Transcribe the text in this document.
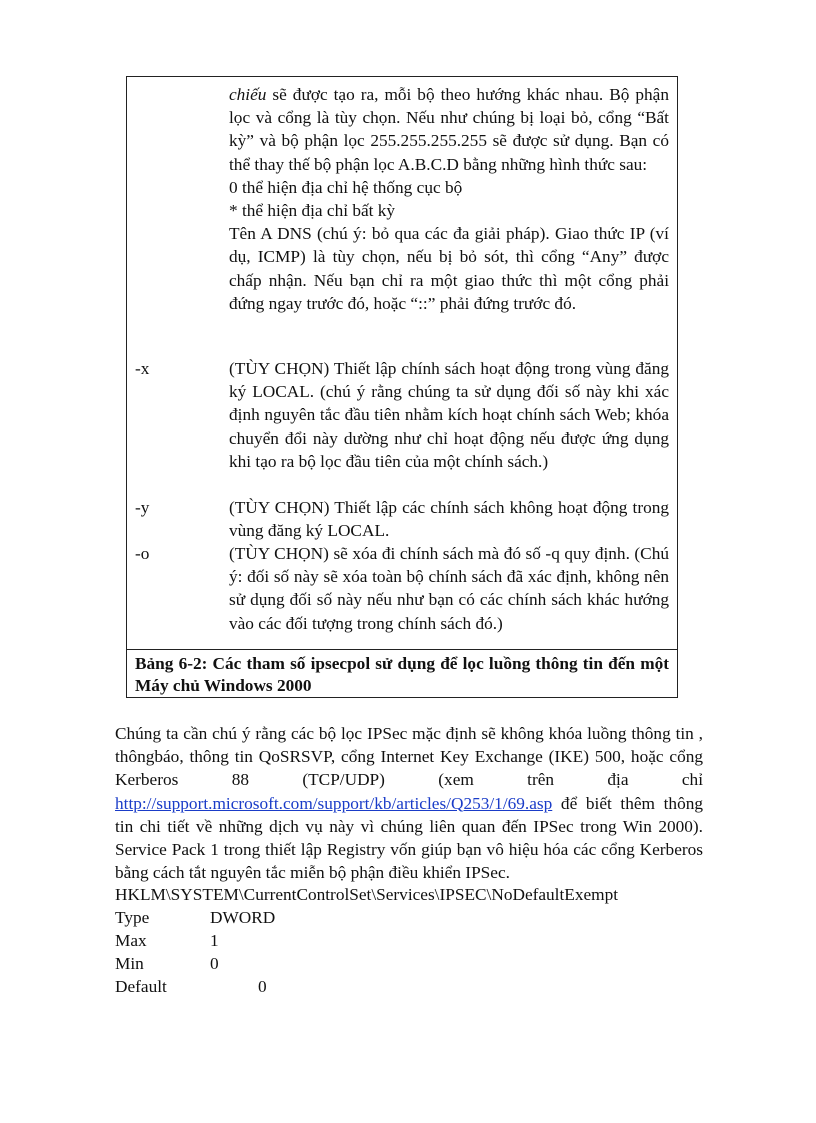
chiếu sẽ được tạo ra, mỗi bộ theo hướng khác nhau. Bộ phận lọc và cổng là tùy chọn. Nếu như chúng bị loại bỏ, cổng “Bất kỳ” và bộ phận lọc 255.255.255.255 sẽ được sử dụng. Bạn có thể thay thế bộ phận lọc A.B.C.D bằng những hình thức sau:

0 thể hiện địa chỉ hệ thống cục bộ

* thể hiện địa chỉ bất kỳ

Tên A DNS (chú ý: bỏ qua các đa giải pháp). Giao thức IP (ví dụ, ICMP) là tùy chọn, nếu bị bỏ sót, thì cổng “Any” được chấp nhận. Nếu bạn chỉ ra một giao thức thì một cổng phải đứng ngay trước đó, hoặc “::” phải đứng trước đó.

-x	(TÙY CHỌN) Thiết lập chính sách hoạt động trong vùng đăng ký LOCAL. (chú ý rằng chúng ta sử dụng đối số này khi xác định nguyên tắc đầu tiên nhằm kích hoạt chính sách Web; khóa chuyển đổi này dường như chỉ hoạt động nếu được ứng dụng khi tạo ra bộ lọc đầu tiên của một chính sách.)

-y	(TÙY CHỌN) Thiết lập các chính sách không hoạt động trong vùng đăng ký LOCAL.

-o	(TÙY CHỌN) sẽ xóa đi chính sách mà đó số -q quy định. (Chú ý: đối số này sẽ xóa toàn bộ chính sách đã xác định, không nên sử dụng đối số này nếu như bạn có các chính sách khác hướng vào các đối tượng trong chính sách đó.)

Bảng 6-2: Các tham số ipsecpol sử dụng để lọc luồng thông tin đến một Máy chủ Windows 2000

Chúng ta cần chú ý rằng các bộ lọc IPSec mặc định sẽ không khóa luồng thông tin , thôngbáo, thông tin QoSRSVP, cổng Internet Key Exchange (IKE) 500, hoặc cổng Kerberos 88 (TCP/UDP) (xem trên địa chỉ http://support.microsoft.com/support/kb/articles/Q253/1/69.asp để biết thêm thông tin chi tiết về những dịch vụ này vì chúng liên quan đến IPSec trong Win 2000). Service Pack 1 trong thiết lập Registry vốn giúp bạn vô hiệu hóa các cổng Kerberos bằng cách tắt nguyên tắc miễn bộ phận điều khiển IPSec.

HKLM\SYSTEM\CurrentControlSet\Services\IPSEC\NoDefaultExempt
Type	DWORD
Max	1
Min	0
Default	0
